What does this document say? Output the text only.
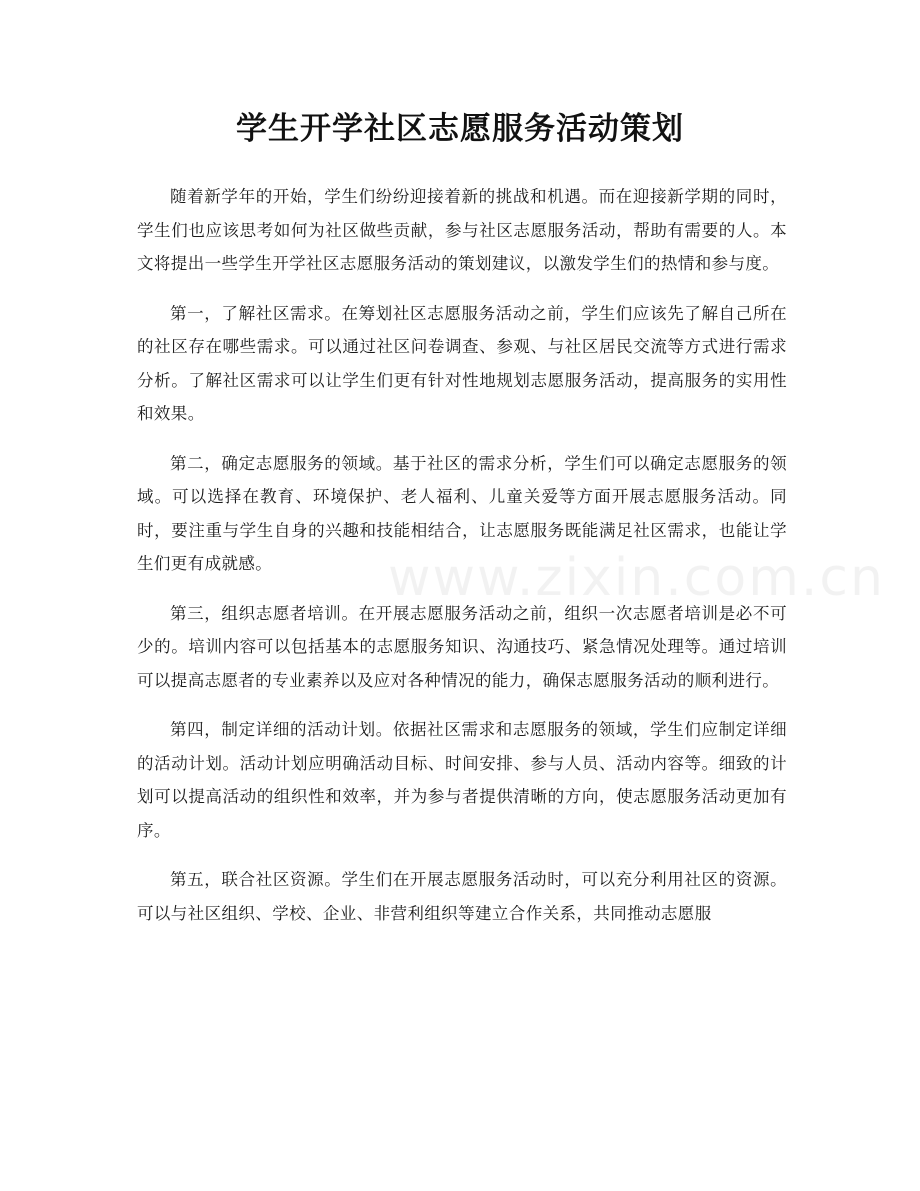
学生开学社区志愿服务活动策划
www.zixin.com.cn

随着新学年的开始，学生们纷纷迎接着新的挑战和机遇。而在迎接新学期的同时，学生们也应该思考如何为社区做些贡献，参与社区志愿服务活动，帮助有需要的人。本文将提出一些学生开学社区志愿服务活动的策划建议，以激发学生们的热情和参与度。

第一，了解社区需求。在筹划社区志愿服务活动之前，学生们应该先了解自己所在的社区存在哪些需求。可以通过社区问卷调查、参观、与社区居民交流等方式进行需求分析。了解社区需求可以让学生们更有针对性地规划志愿服务活动，提高服务的实用性和效果。

第二，确定志愿服务的领域。基于社区的需求分析，学生们可以确定志愿服务的领域。可以选择在教育、环境保护、老人福利、儿童关爱等方面开展志愿服务活动。同时，要注重与学生自身的兴趣和技能相结合，让志愿服务既能满足社区需求，也能让学生们更有成就感。

第三，组织志愿者培训。在开展志愿服务活动之前，组织一次志愿者培训是必不可少的。培训内容可以包括基本的志愿服务知识、沟通技巧、紧急情况处理等。通过培训可以提高志愿者的专业素养以及应对各种情况的能力，确保志愿服务活动的顺利进行。

第四，制定详细的活动计划。依据社区需求和志愿服务的领域，学生们应制定详细的活动计划。活动计划应明确活动目标、时间安排、参与人员、活动内容等。细致的计划可以提高活动的组织性和效率，并为参与者提供清晰的方向，使志愿服务活动更加有序。

第五，联合社区资源。学生们在开展志愿服务活动时，可以充分利用社区的资源。可以与社区组织、学校、企业、非营利组织等建立合作关系，共同推动志愿服
